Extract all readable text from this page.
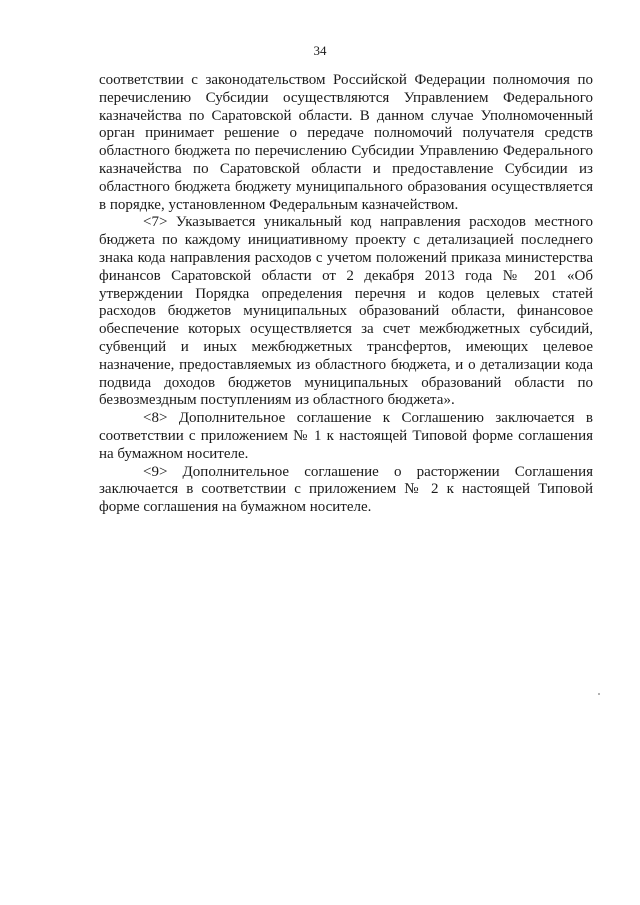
34

соответствии с законодательством Российской Федерации полномочия по перечислению Субсидии осуществляются Управлением Федерального казначейства по Саратовской области. В данном случае Уполномоченный орган принимает решение о передаче полномочий получателя средств областного бюджета по перечислению Субсидии Управлению Федерального казначейства по Саратовской области и предоставление Субсидии из областного бюджета бюджету муниципального образования осуществляется в порядке, установленном Федеральным казначейством.

<7> Указывается уникальный код направления расходов местного бюджета по каждому инициативному проекту с детализацией последнего знака кода направления расходов с учетом положений приказа министерства финансов Саратовской области от 2 декабря 2013 года № 201 «Об утверждении Порядка определения перечня и кодов целевых статей расходов бюджетов муниципальных образований области, финансовое обеспечение которых осуществляется за счет межбюджетных субсидий, субвенций и иных межбюджетных трансфертов, имеющих целевое назначение, предоставляемых из областного бюджета, и о детализации кода подвида доходов бюджетов муниципальных образований области по безвозмездным поступлениям из областного бюджета».

<8> Дополнительное соглашение к Соглашению заключается в соответствии с приложением № 1 к настоящей Типовой форме соглашения на бумажном носителе.

<9> Дополнительное соглашение о расторжении Соглашения заключается в соответствии с приложением № 2 к настоящей Типовой форме соглашения на бумажном носителе.
